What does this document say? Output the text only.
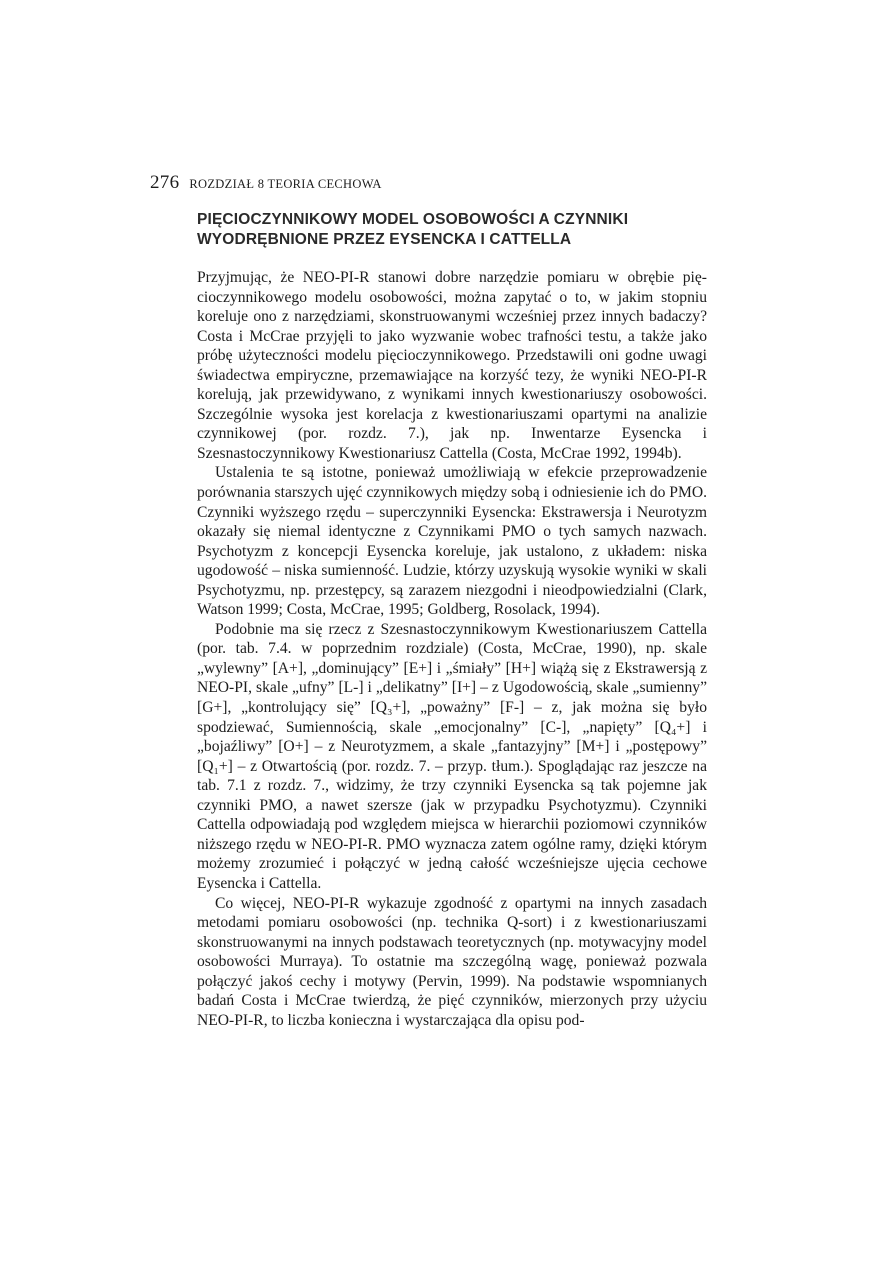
276 ROZDZIAŁ 8 TEORIA CECHOWA
PIĘCIOCZYNNIKOWY MODEL OSOBOWOŚCI A CZYNNIKI WYODRĘBNIONE PRZEZ EYSENCKA I CATTELLA

Przyjmując, że NEO-PI-R stanowi dobre narzędzie pomiaru w obrębie pięcioczynnikowego modelu osobowości, można zapytać o to, w jakim stopniu koreluje ono z narzędziami, skonstruowanymi wcześniej przez innych badaczy? Costa i McCrae przyjęli to jako wyzwanie wobec trafności testu, a także jako próbę użyteczności modelu pięcioczynnikowego. Przedstawili oni godne uwagi świadectwa empiryczne, przemawiające na korzyść tezy, że wyniki NEO-PI-R korelują, jak przewidywano, z wynikami innych kwestionariuszy osobowości. Szczególnie wysoka jest korelacja z kwestionariuszami opartymi na analizie czynnikowej (por. rozdz. 7.), jak np. Inwentarze Eysencka i Szesnastoczynnikowy Kwestionariusz Cattella (Costa, McCrae 1992, 1994b).

Ustalenia te są istotne, ponieważ umożliwiają w efekcie przeprowadzenie porównania starszych ujęć czynnikowych między sobą i odniesienie ich do PMO. Czynniki wyższego rzędu – superczynniki Eysencka: Ekstrawersja i Neurotyzm okazały się niemal identyczne z Czynnikami PMO o tych samych nazwach. Psychotyzm z koncepcji Eysencka koreluje, jak ustalono, z układem: niska ugodowość – niska sumienność. Ludzie, którzy uzyskują wysokie wyniki w skali Psychotyzmu, np. przestępcy, są zarazem niezgodni i nieodpowiedzialni (Clark, Watson 1999; Costa, McCrae, 1995; Goldberg, Rosolack, 1994).

Podobnie ma się rzecz z Szesnastoczynnikowym Kwestionariuszem Cattella (por. tab. 7.4. w poprzednim rozdziale) (Costa, McCrae, 1990), np. skale „wylewny” [A+], „dominujący” [E+] i „śmiały” [H+] wiążą się z Ekstrawersją z NEO-PI, skale „ufny” [L-] i „delikatny” [I+] – z Ugodowością, skale „sumienny” [G+], „kontrolujący się” [Q₃+], „poważny” [F-] – z, jak można się było spodziewać, Sumiennością, skale „emocjonalny” [C-], „napięty” [Q₄+] i „bojaźliwy” [O+] – z Neurotyzmem, a skale „fantazyjny” [M+] i „postępowy” [Q₁+] – z Otwartością (por. rozdz. 7. – przyp. tłum.). Spoglądając raz jeszcze na tab. 7.1 z rozdz. 7., widzimy, że trzy czynniki Eysencka są tak pojemne jak czynniki PMO, a nawet szersze (jak w przypadku Psychotyzmu). Czynniki Cattella odpowiadają pod względem miejsca w hierarchii poziomowi czynników niższego rzędu w NEO-PI-R. PMO wyznacza zatem ogólne ramy, dzięki którym możemy zrozumieć i połączyć w jedną całość wcześniejsze ujęcia cechowe Eysencka i Cattella.

Co więcej, NEO-PI-R wykazuje zgodność z opartymi na innych zasadach metodami pomiaru osobowości (np. technika Q-sort) i z kwestionariuszami skonstruowanymi na innych podstawach teoretycznych (np. motywacyjny model osobowości Murraya). To ostatnie ma szczególną wagę, ponieważ pozwala połączyć jakoś cechy i motywy (Pervin, 1999). Na podstawie wspomnianych badań Costa i McCrae twierdzą, że pięć czynników, mierzonych przy użyciu NEO-PI-R, to liczba konieczna i wystarczająca dla opisu pod-
